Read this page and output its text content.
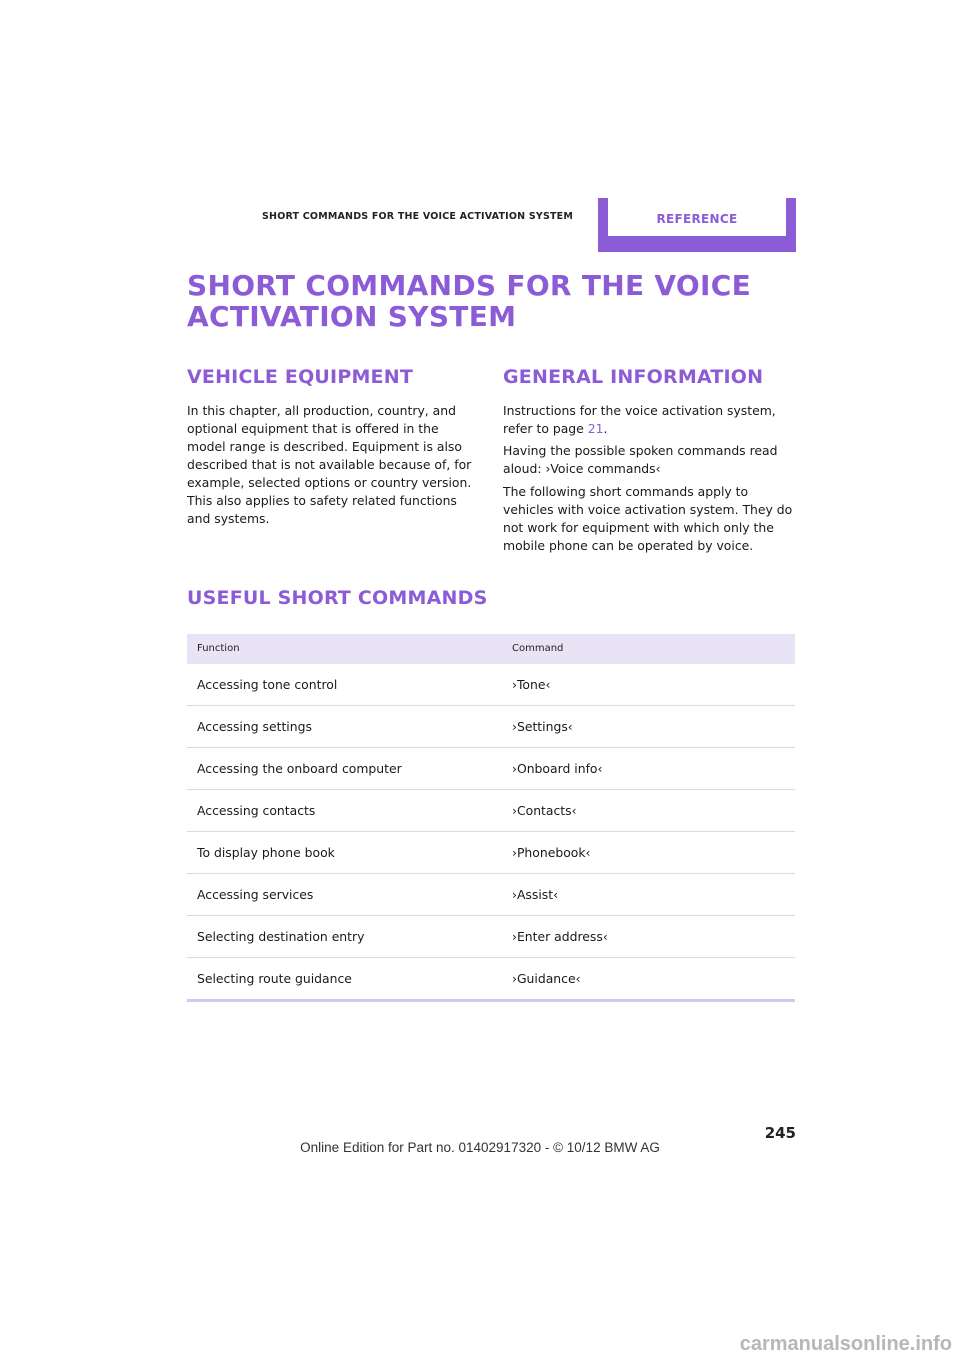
SHORT COMMANDS FOR THE VOICE ACTIVATION SYSTEM	REFERENCE
SHORT COMMANDS FOR THE VOICE
ACTIVATION SYSTEM
VEHICLE EQUIPMENT

In this chapter, all production, country, and optional equipment that is offered in the model range is described. Equipment is also described that is not available because of, for example, selected options or country version. This also applies to safety related functions and systems.

GENERAL INFORMATION

Instructions for the voice activation system, refer to page 21.

Having the possible spoken commands read aloud: ›Voice commands‹

The following short commands apply to vehicles with voice activation system. They do not work for equipment with which only the mobile phone can be operated by voice.

USEFUL SHORT COMMANDS
Function	Command
Accessing tone control	›Tone‹
Accessing settings	›Settings‹
Accessing the onboard computer	›Onboard info‹
Accessing contacts	›Contacts‹
To display phone book	›Phonebook‹
Accessing services	›Assist‹
Selecting destination entry	›Enter address‹
Selecting route guidance	›Guidance‹
245
Online Edition for Part no. 01402917320 - © 10/12 BMW AG
carmanualsonline.info
